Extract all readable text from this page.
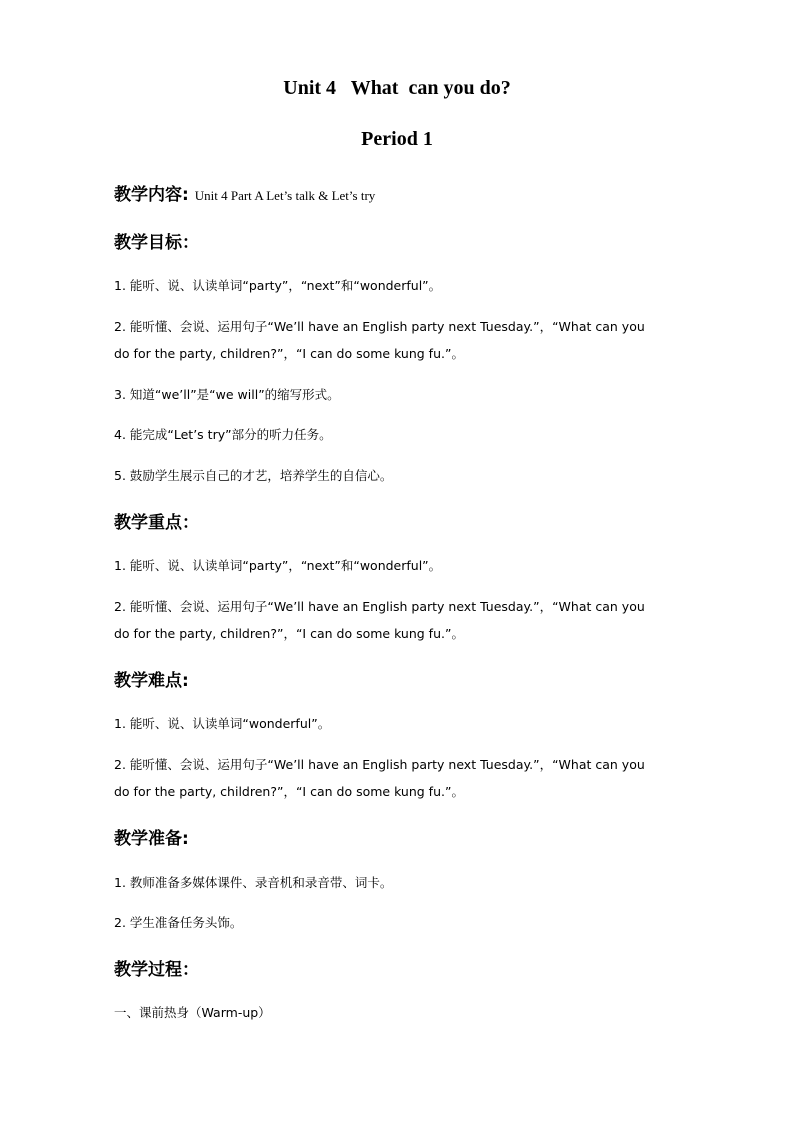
Unit 4   What  can you do?
Period 1
教学内容: Unit 4 Part A Let’s talk & Let’s try
教学目标：
1. 能听、说、认读单词“party”，“next”和“wonderful”。
2. 能听懂、会说、运用句子“We’ll have an English party next Tuesday.”，“What can you
do for the party, children?”，“I can do some kung fu.”。
3. 知道“we’ll”是“we will”的缩写形式。
4. 能完成“Let’s try”部分的听力任务。
5. 鼓励学生展示自己的才艺，培养学生的自信心。
教学重点：
1. 能听、说、认读单词“party”，“next”和“wonderful”。
2. 能听懂、会说、运用句子“We’ll have an English party next Tuesday.”，“What can you
do for the party, children?”，“I can do some kung fu.”。
教学难点:
1. 能听、说、认读单词“wonderful”。
2. 能听懂、会说、运用句子“We’ll have an English party next Tuesday.”，“What can you
do for the party, children?”，“I can do some kung fu.”。
教学准备:
1. 教师准备多媒体课件、录音机和录音带、词卡。
2. 学生准备任务头饰。
教学过程：
一、课前热身（Warm-up）
